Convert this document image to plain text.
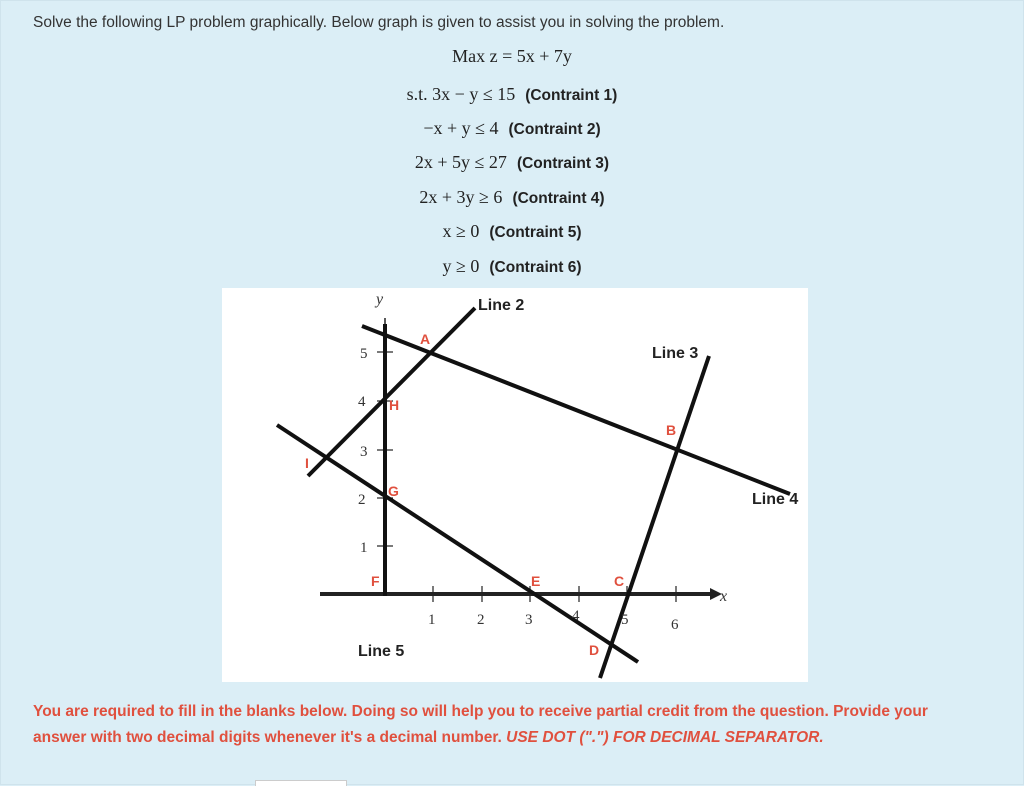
Solve the following LP problem graphically. Below graph is given to assist you in solving the problem.
Max z = 5x + 7y
s.t. 3x − y ≤ 15 (Contraint 1)
−x + y ≤ 4 (Contraint 2)
2x + 5y ≤ 27 (Contraint 3)
2x + 3y ≥ 6 (Contraint 4)
x ≥ 0 (Contraint 5)
y ≥ 0 (Contraint 6)
1	2	3	4	5	6
1
2
3
4
5
y
x
Line 2
Line 3
Line 4
Line 5
A
B
C
D
E
F
G
H
I
You are required to fill in the blanks below. Doing so will help you to receive partial credit from the question. Provide your answer with two decimal digits whenever it's a decimal number. USE DOT (".") FOR DECIMAL SEPARATOR.
